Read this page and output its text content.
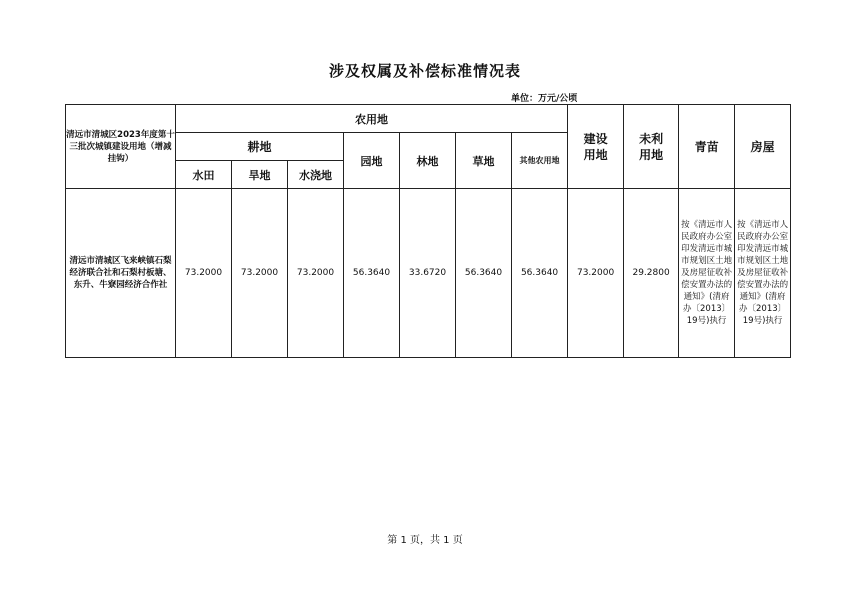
涉及权属及补偿标准情况表
单位：万元/公顷
清远市清城区2023年度第十三批次城镇建设用地（增减挂钩）	农用地							建设用地	未利用地	青苗	房屋
	耕地			园地	林地	草地	其他农用地				
	水田	旱地	水浇地								
清远市清城区飞来峡镇石梨经济联合社和石梨村板塘、东升、牛寮园经济合作社	73.2000	73.2000	73.2000	56.3640	33.6720	56.3640	56.3640	73.2000	29.2800	按《清远市人民政府办公室印发清远市城市规划区土地及房屋征收补偿安置办法的通知》(清府办〔2013〕19号)执行	按《清远市人民政府办公室印发清远市城市规划区土地及房屋征收补偿安置办法的通知》(清府办〔2013〕19号)执行
第 1 页，共 1 页
